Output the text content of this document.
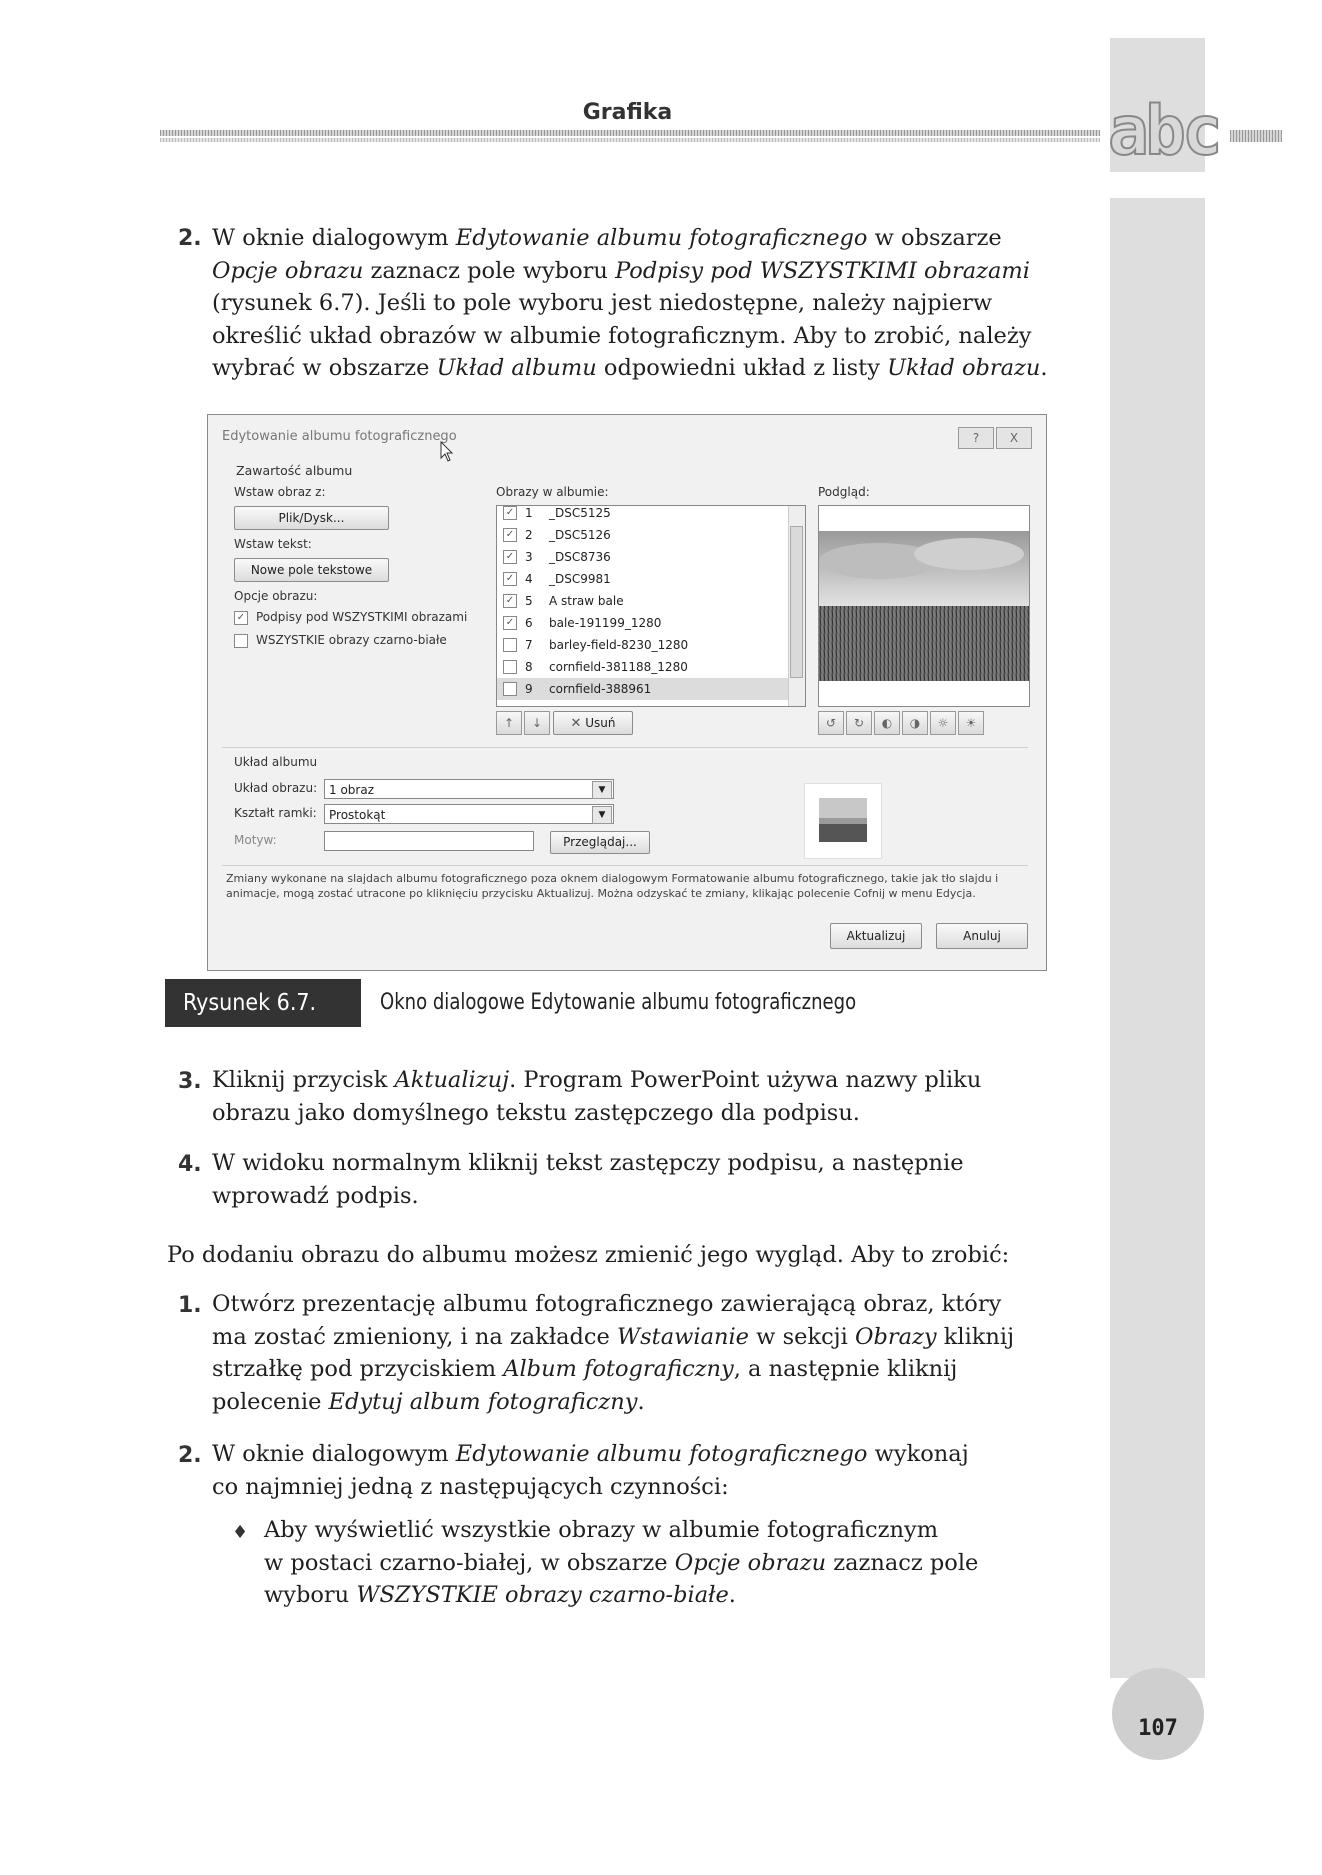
abc
Grafika
107
2. W oknie dialogowym Edytowanie albumu fotograficznego w obszarze
Opcje obrazu zaznacz pole wyboru Podpisy pod WSZYSTKIMI obrazami
(rysunek 6.7). Jeśli to pole wyboru jest niedostępne, należy najpierw
określić układ obrazów w albumie fotograficznym. Aby to zrobić, należy
wybrać w obszarze Układ albumu odpowiedni układ z listy Układ obrazu.
Edytowanie albumu fotograficznego	?	X
Zawartość albumu
Wstaw obraz z:
Plik/Dysk...
Wstaw tekst:
Nowe pole tekstowe
Opcje obrazu:
✓ Podpisy pod WSZYSTKIMI obrazami
WSZYSTKIE obrazy czarno-białe
Obrazy w albumie:	Podgląd:
✓ 1 _DSC5125
✓ 2 _DSC5126
✓ 3 _DSC8736
✓ 4 _DSC9981
✓ 5 A straw bale
✓ 6 bale-191199_1280
7 barley-field-8230_1280
8 cornfield-381188_1280
9 cornfield-388961
↑	↓	✕ Usuń	↺	↻	◐	◑	☼	☀
Układ albumu
Układ obrazu: 1 obraz	▼
Kształt ramki:	Prostokąt	▼
Motyw:	Przeglądaj...
Zmiany wykonane na slajdach albumu fotograficznego poza oknem dialogowym Formatowanie albumu fotograficznego, takie jak tło slajdu i animacje, mogą zostać utracone po kliknięciu przycisku Aktualizuj. Można odzyskać te zmiany, klikając polecenie Cofnij w menu Edycja.
Aktualizuj	Anuluj
Rysunek 6.7.	Okno dialogowe Edytowanie albumu fotograficznego
3. Kliknij przycisk Aktualizuj. Program PowerPoint używa nazwy pliku
obrazu jako domyślnego tekstu zastępczego dla podpisu.
4. W widoku normalnym kliknij tekst zastępczy podpisu, a następnie
wprowadź podpis.
Po dodaniu obrazu do albumu możesz zmienić jego wygląd. Aby to zrobić:
1. Otwórz prezentację albumu fotograficznego zawierającą obraz, który
ma zostać zmieniony, i na zakładce Wstawianie w sekcji Obrazy kliknij
strzałkę pod przyciskiem Album fotograficzny, a następnie kliknij
polecenie Edytuj album fotograficzny.
2. W oknie dialogowym Edytowanie albumu fotograficznego wykonaj
co najmniej jedną z następujących czynności:
♦ Aby wyświetlić wszystkie obrazy w albumie fotograficznym
w postaci czarno-białej, w obszarze Opcje obrazu zaznacz pole
wyboru WSZYSTKIE obrazy czarno-białe.
